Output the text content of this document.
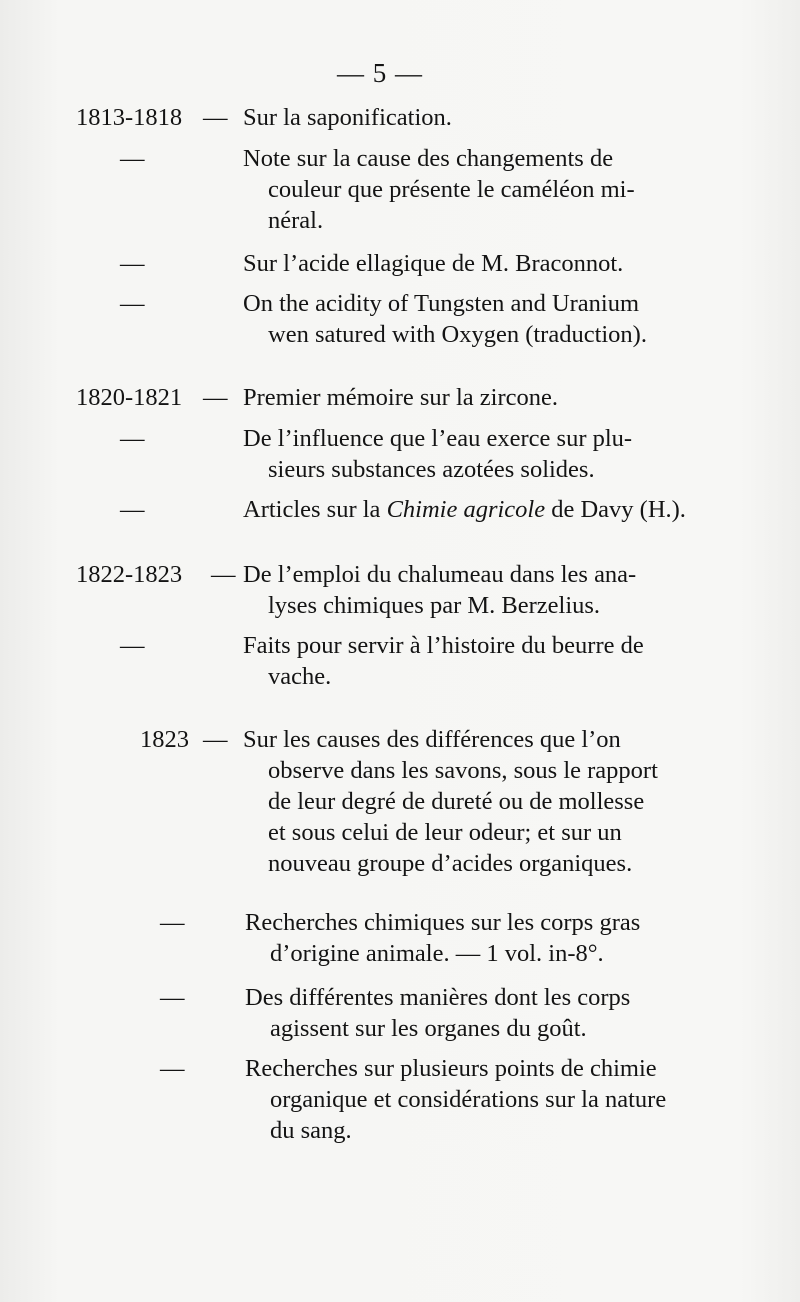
— 5 —
1813-1818 — Sur la saponification.
—	Note sur la cause des changements de
couleur que présente le caméléon mi-
néral.
—	Sur l’acide ellagique de M. Braconnot.
—	On the acidity of Tungsten and Uranium
wen satured with Oxygen (traduction).
1820-1821 — Premier mémoire sur la zircone.
—	De l’influence que l’eau exerce sur plu-
sieurs substances azotées solides.
—	Articles sur la Chimie agricole de Davy (H.).
1822-1823 — De l’emploi du chalumeau dans les ana-
lyses chimiques par M. Berzelius.
—	Faits pour servir à l’histoire du beurre de
vache.
1823 — Sur les causes des différences que l’on
observe dans les savons, sous le rapport
de leur degré de dureté ou de mollesse
et sous celui de leur odeur; et sur un
nouveau groupe d’acides organiques.
— Recherches chimiques sur les corps gras
d’origine animale. — 1 vol. in-8°.
— Des différentes manières dont les corps
agissent sur les organes du goût.
— Recherches sur plusieurs points de chimie
organique et considérations sur la nature
du sang.
